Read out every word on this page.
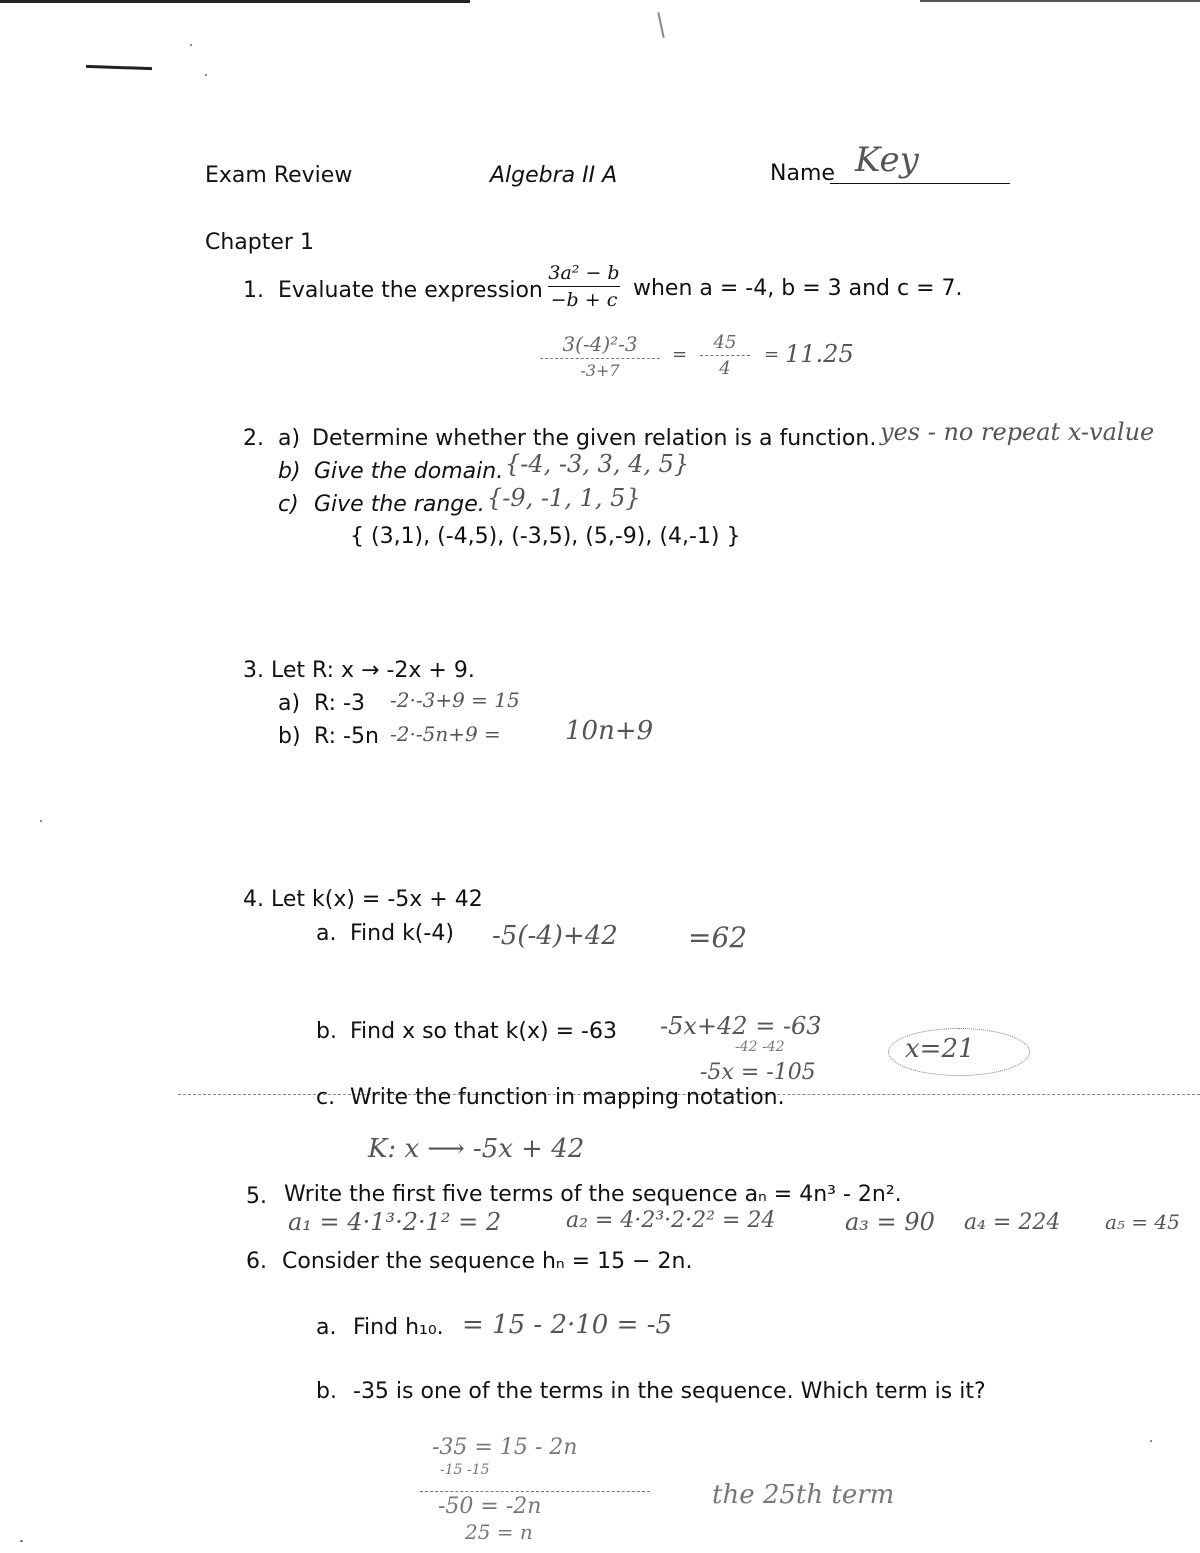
Exam Review	Algebra II A	Name Key
Chapter 1
1. Evaluate the expression
3a² − b
−b + c when a = -4, b = 3 and c = 7.
3(-4)²-3
-3+7
=
45
4
= 11.25
2. a) Determine whether the given relation is a function. yes - no repeat x-value
b) Give the domain. {-4, -3, 3, 4, 5}
c) Give the range. {-9, -1, 1, 5}
{ (3,1), (-4,5), (-3,5), (5,-9), (4,-1) }
3. Let R: x → -2x + 9.
a) R: -3 -2·-3+9 = 15
b) R: -5n -2·-5n+9 = 10n+9
4. Let k(x) = -5x + 42
a. Find k(-4) -5(-4)+42	=62
b. Find x so that k(x) = -63 -5x+42 = -63
-42 -42
-5x = -105
x=21
c. Write the function in mapping notation.
K: x ⟶ -5x + 42
5. Write the first five terms of the sequence aₙ = 4n³ - 2n².
a₁ = 4·1³·2·1² = 2	a₂ = 4·2³·2·2² = 24	a₃ = 90 a₄ = 224 a₅ = 45
6. Consider the sequence hₙ = 15 − 2n.
a. Find h₁₀. = 15 - 2·10 = -5
b. -35 is one of the terms in the sequence. Which term is it?
-35 = 15 - 2n
-15 -15
-50 = -2n
25 = n
the 25th term
